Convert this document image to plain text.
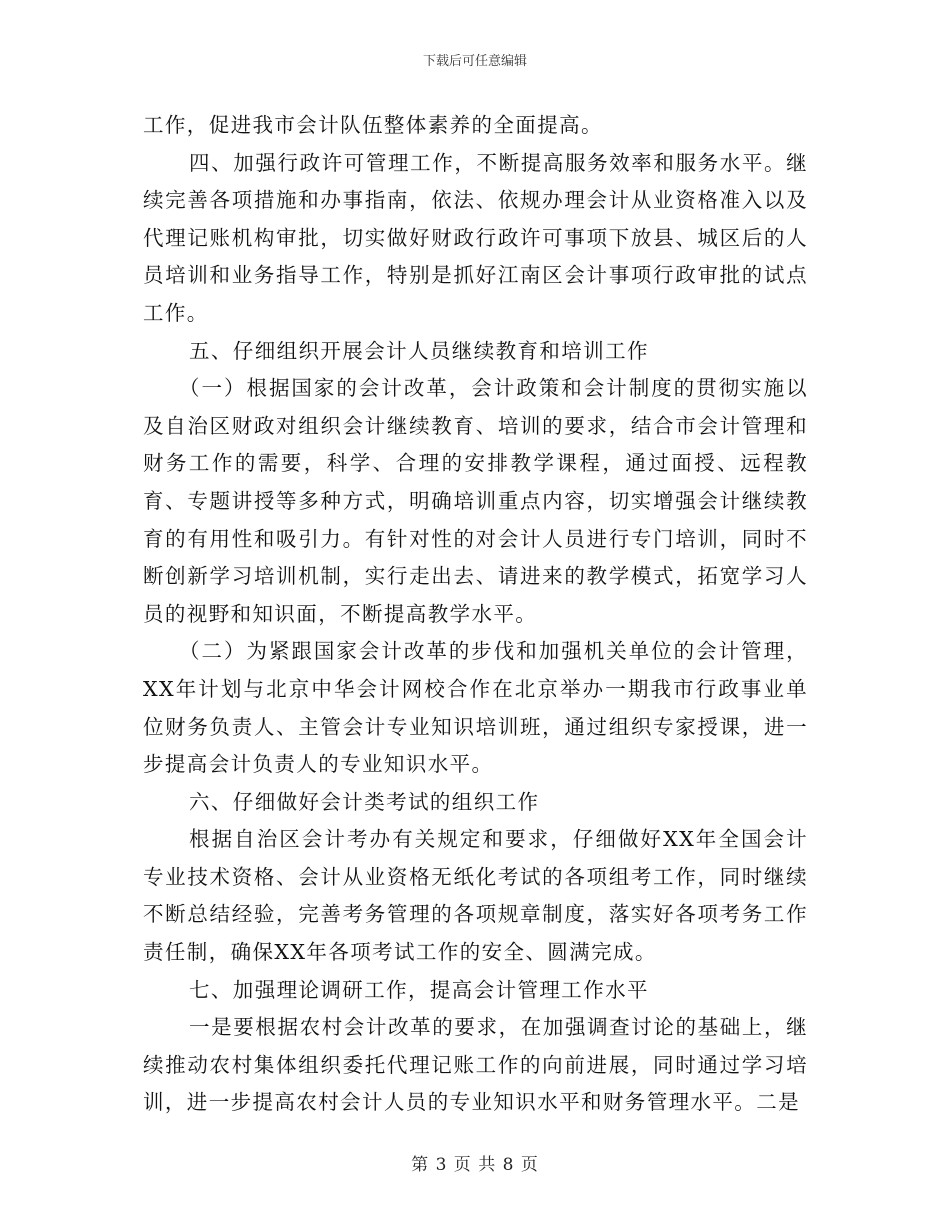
下载后可任意编辑

工作，促进我市会计队伍整体素养的全面提高。

四、加强行政许可管理工作，不断提高服务效率和服务水平。继续完善各项措施和办事指南，依法、依规办理会计从业资格准入以及代理记账机构审批，切实做好财政行政许可事项下放县、城区后的人员培训和业务指导工作，特别是抓好江南区会计事项行政审批的试点工作。

五、仔细组织开展会计人员继续教育和培训工作

（一）根据国家的会计改革，会计政策和会计制度的贯彻实施以及自治区财政对组织会计继续教育、培训的要求，结合市会计管理和财务工作的需要，科学、合理的安排教学课程，通过面授、远程教育、专题讲授等多种方式，明确培训重点内容，切实增强会计继续教育的有用性和吸引力。有针对性的对会计人员进行专门培训，同时不断创新学习培训机制，实行走出去、请进来的教学模式，拓宽学习人员的视野和知识面，不断提高教学水平。

（二）为紧跟国家会计改革的步伐和加强机关单位的会计管理，XX年计划与北京中华会计网校合作在北京举办一期我市行政事业单位财务负责人、主管会计专业知识培训班，通过组织专家授课，进一步提高会计负责人的专业知识水平。

六、仔细做好会计类考试的组织工作

根据自治区会计考办有关规定和要求，仔细做好XX年全国会计专业技术资格、会计从业资格无纸化考试的各项组考工作，同时继续不断总结经验，完善考务管理的各项规章制度，落实好各项考务工作责任制，确保XX年各项考试工作的安全、圆满完成。

七、加强理论调研工作，提高会计管理工作水平

一是要根据农村会计改革的要求，在加强调查讨论的基础上，继续推动农村集体组织委托代理记账工作的向前进展，同时通过学习培训，进一步提高农村会计人员的专业知识水平和财务管理水平。二是

第 3 页 共 8 页
